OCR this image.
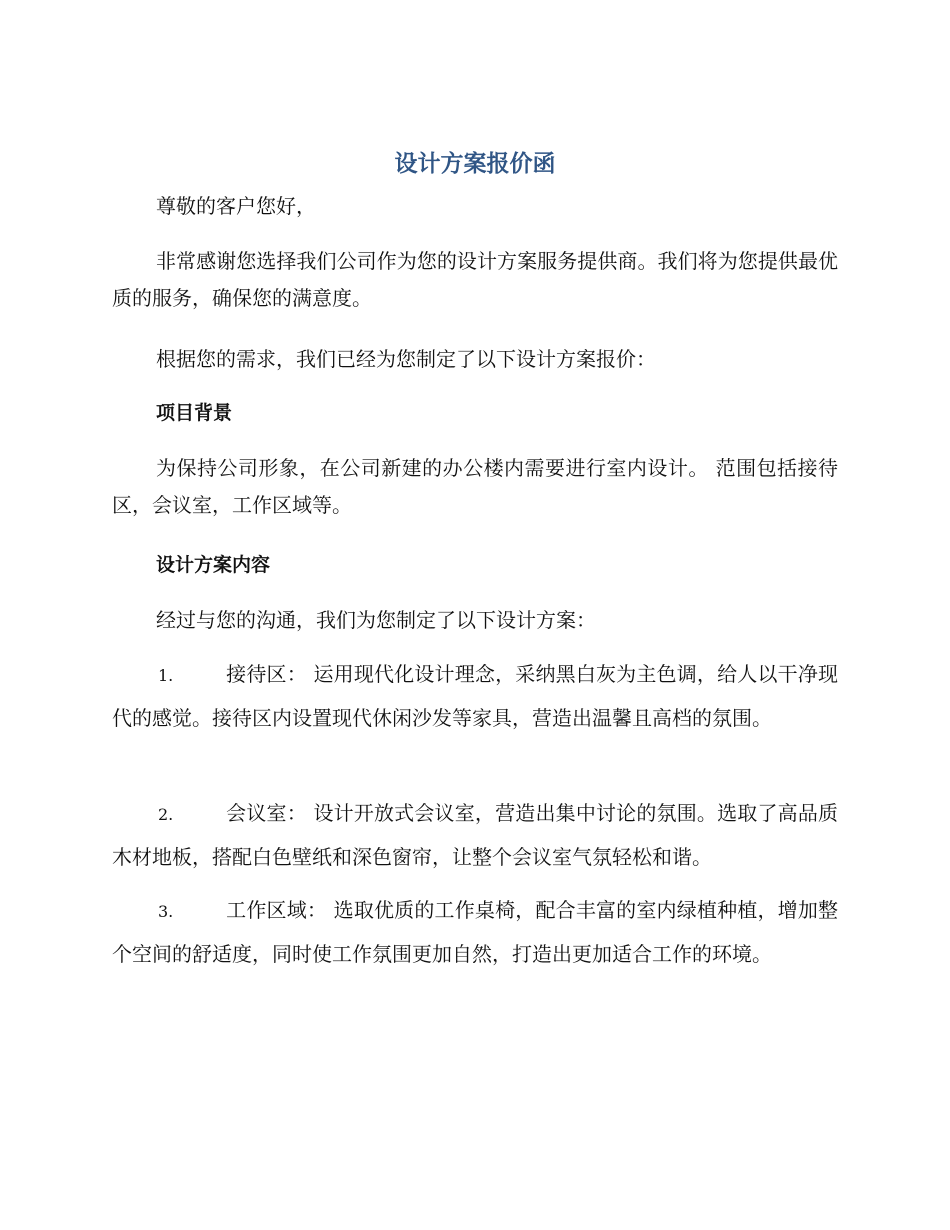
设计方案报价函

尊敬的客户您好，

非常感谢您选择我们公司作为您的设计方案服务提供商。我们将为您提供最优质的服务，确保您的满意度。

根据您的需求，我们已经为您制定了以下设计方案报价：

项目背景

为保持公司形象，在公司新建的办公楼内需要进行室内设计。 范围包括接待区，会议室，工作区域等。

设计方案内容

经过与您的沟通，我们为您制定了以下设计方案：

1.	接待区： 运用现代化设计理念，采纳黑白灰为主色调，给人以干净现代的感觉。接待区内设置现代休闲沙发等家具，营造出温馨且高档的氛围。

2.	会议室： 设计开放式会议室，营造出集中讨论的氛围。选取了高品质木材地板，搭配白色壁纸和深色窗帘，让整个会议室气氛轻松和谐。

3.	工作区域： 选取优质的工作桌椅，配合丰富的室内绿植种植，增加整个空间的舒适度，同时使工作氛围更加自然，打造出更加适合工作的环境。
